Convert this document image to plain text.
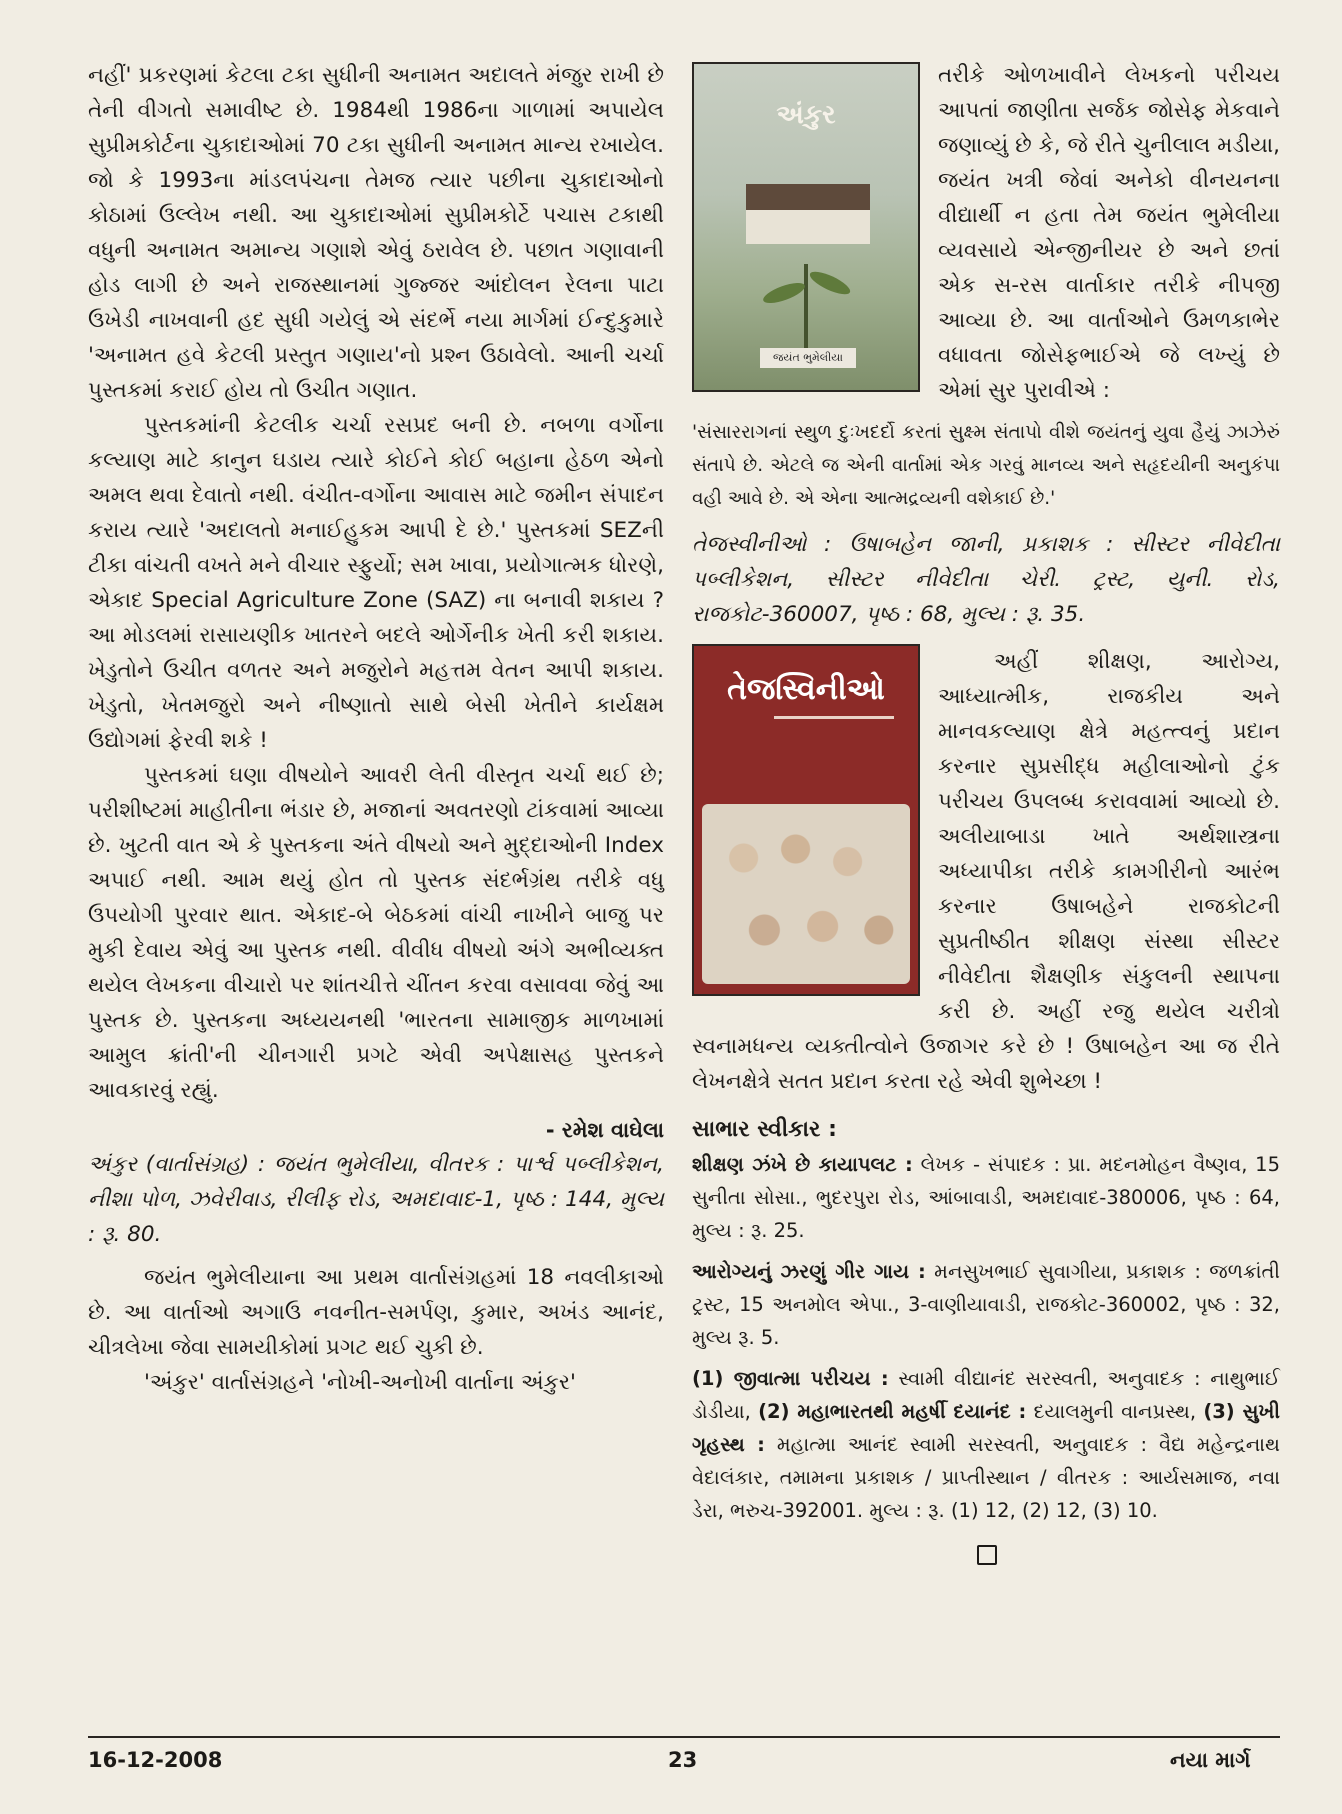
નહીં' પ્રકરણમાં કેટલા ટકા સુધીની અનામત અદાલતે મંજુર રાખી છે તેની વીગતો સમાવીષ્ટ છે. 1984થી 1986ના ગાળામાં અપાયેલ સુપ્રીમકોર્ટના ચુકાદાઓમાં 70 ટકા સુધીની અનામત માન્ય રખાયેલ. જો કે 1993ના માંડલપંચના તેમજ ત્યાર પછીના ચુકાદાઓનો કોઠામાં ઉલ્લેખ નથી. આ ચુકાદાઓમાં સુપ્રીમકોર્ટે પચાસ ટકાથી વધુની અનામત અમાન્ય ગણાશે એવું ઠરાવેલ છે. પછાત ગણાવાની હોડ લાગી છે અને રાજસ્થાનમાં ગુજ્જર આંદોલન રેલના પાટા ઉખેડી નાખવાની હદ સુધી ગયેલું એ સંદર્ભે નયા માર્ગમાં ઈન્દુકુમારે 'અનામત હવે કેટલી પ્રસ્તુત ગણાય'નો પ્રશ્ન ઉઠાવેલો. આની ચર્ચા પુસ્તકમાં કરાઈ હોય તો ઉચીત ગણાત.

પુસ્તકમાંની કેટલીક ચર્ચા રસપ્રદ બની છે. નબળા વર્ગોના કલ્યાણ માટે કાનુન ઘડાય ત્યારે કોઈને કોઈ બહાના હેઠળ એનો અમલ થવા દેવાતો નથી. વંચીત-વર્ગોના આવાસ માટે જમીન સંપાદન કરાય ત્યારે 'અદાલતો મનાઈહુકમ આપી દે છે.' પુસ્તકમાં SEZની ટીકા વાંચતી વખતે મને વીચાર સ્ફુર્યો; સમ ખાવા, પ્રયોગાત્મક ધોરણે, એકાદ Special Agriculture Zone (SAZ) ના બનાવી શકાય ? આ મોડલમાં રાસાયણીક ખાતરને બદલે ઓર્ગેનીક ખેતી કરી શકાય. ખેડુતોને ઉચીત વળતર અને મજુરોને મહત્તમ વેતન આપી શકાય. ખેડુતો, ખેતમજુરો અને નીષ્ણાતો સાથે બેસી ખેતીને કાર્યક્ષમ ઉદ્યોગમાં ફેરવી શકે !

પુસ્તકમાં ઘણા વીષયોને આવરી લેતી વીસ્તૃત ચર્ચા થઈ છે; પરીશીષ્ટમાં માહીતીના ભંડાર છે, મજાનાં અવતરણો ટાંકવામાં આવ્યા છે. ખુટતી વાત એ કે પુસ્તકના અંતે વીષયો અને મુદ્દાઓની Index અપાઈ નથી. આમ થયું હોત તો પુસ્તક સંદર્ભગ્રંથ તરીકે વધુ ઉપયોગી પુરવાર થાત. એકાદ-બે બેઠકમાં વાંચી નાખીને બાજુ પર મુકી દેવાય એવું આ પુસ્તક નથી. વીવીધ વીષયો અંગે અભીવ્યક્ત થયેલ લેખકના વીચારો પર શાંતચીત્તે ચીંતન કરવા વસાવવા જેવું આ પુસ્તક છે. પુસ્તકના અધ્યયનથી 'ભારતના સામાજીક માળખામાં આમુલ ક્રાંતી'ની ચીનગારી પ્રગટે એવી અપેક્ષાસહ પુસ્તકને આવકારવું રહ્યું.

- રમેશ વાઘેલા

અંકુર (વાર્તાસંગ્રહ) : જયંત ભુમેલીયા, વીતરક : પાર્શ્વ પબ્લીકેશન, નીશા પોળ, ઝવેરીવાડ, રીલીફ રોડ, અમદાવાદ-1, પૃષ્ઠ : 144, મુલ્ય : રૂ. 80.

જયંત ભુમેલીયાના આ પ્રથમ વાર્તાસંગ્રહમાં 18 નવલીકાઓ છે. આ વાર્તાઓ અગાઉ નવનીત-સમર્પણ, કુમાર, અખંડ આનંદ, ચીત્રલેખા જેવા સામયીકોમાં પ્રગટ થઈ ચુકી છે.

'અંકુર' વાર્તાસંગ્રહને 'નોખી-અનોખી વાર્તાના અંકુર'

અંકુર
જયંત ભુમેલીયા

તરીકે ઓળખાવીને લેખકનો પરીચય આપતાં જાણીતા સર્જક જોસેફ મેકવાને જણાવ્યું છે કે, જે રીતે ચુનીલાલ મડીયા, જયંત ખત્રી જેવાં અનેકો વીનયનના વીદ્યાર્થી ન હતા તેમ જયંત ભુમેલીયા વ્યવસાયે એન્જીનીયર છે અને છતાં એક સ-રસ વાર્તાકાર તરીકે નીપજી આવ્યા છે. આ વાર્તાઓને ઉમળકાભેર વધાવતા જોસેફભાઈએ જે લખ્યું છે એમાં સુર પુરાવીએ :

'સંસારરાગનાં સ્થુળ દુઃખદર્દો કરતાં સુક્ષ્મ સંતાપો વીશે જયંતનું યુવા હૈયું ઝાઝેરું સંતાપે છે. એટલે જ એની વાર્તામાં એક ગરવું માનવ્ય અને સહૃદયીની અનુકંપા વહી આવે છે. એ એના આત્મદ્રવ્યની વશેકાઈ છે.'

તેજસ્વીનીઓ : ઉષાબહેન જાની, પ્રકાશક : સીસ્ટર નીવેદીતા પબ્લીકેશન, સીસ્ટર નીવેદીતા ચેરી. ટ્રસ્ટ, યુની. રોડ, રાજકોટ-360007, પૃષ્ઠ : 68, મુલ્ય : રૂ. 35.

તેજસ્વિનીઓ

અહીં શીક્ષણ, આરોગ્ય, આધ્યાત્મીક, રાજકીય અને માનવકલ્યાણ ક્ષેત્રે મહત્ત્વનું પ્રદાન કરનાર સુપ્રસીદ્ધ મહીલાઓનો ટુંક પરીચય ઉપલબ્ધ કરાવવામાં આવ્યો છે. અલીયાબાડા ખાતે અર્થશાસ્ત્રના અધ્યાપીકા તરીકે કામગીરીનો આરંભ કરનાર ઉષાબહેને રાજકોટની સુપ્રતીષ્ઠીત શીક્ષણ સંસ્થા સીસ્ટર નીવેદીતા શૈક્ષણીક સંકુલની સ્થાપના કરી છે. અહીં રજુ થયેલ ચરીત્રો સ્વનામધન્ય વ્યક્તીત્વોને ઉજાગર કરે છે ! ઉષાબહેન આ જ રીતે લેખનક્ષેત્રે સતત પ્રદાન કરતા રહે એવી શુભેચ્છા !

સાભાર સ્વીકાર :

શીક્ષણ ઝંખે છે કાયાપલટ : લેખક - સંપાદક : પ્રા. મદનમોહન વૈષ્ણવ, 15 સુનીતા સોસા., ભુદરપુરા રોડ, આંબાવાડી, અમદાવાદ-380006, પૃષ્ઠ : 64, મુલ્ય : રૂ. 25.

આરોગ્યનું ઝરણું ગીર ગાય : મનસુખભાઈ સુવાગીયા, પ્રકાશક : જળક્રાંતી ટ્રસ્ટ, 15 અનમોલ એપા., 3-વાણીયાવાડી, રાજકોટ-360002, પૃષ્ઠ : 32, મુલ્ય રૂ. 5.

(1) જીવાત્મા પરીચય : સ્વામી વીદ્યાનંદ સરસ્વતી, અનુવાદક : નાથુભાઈ ડોડીયા, (2) મહાભારતથી મહર્ષી દયાનંદ : દયાલમુની વાનપ્રસ્થ, (3) સુખી ગૃહસ્થ : મહાત્મા આનંદ સ્વામી સરસ્વતી, અનુવાદક : વૈદ્ય મહેન્દ્રનાથ વેદાલંકાર, તમામના પ્રકાશક / પ્રાપ્તીસ્થાન / વીતરક : આર્યસમાજ, નવા ડેરા, ભરુચ-392001. મુલ્ય : રૂ. (1) 12, (2) 12, (3) 10.

16-12-2008	23	નયા માર્ગ
